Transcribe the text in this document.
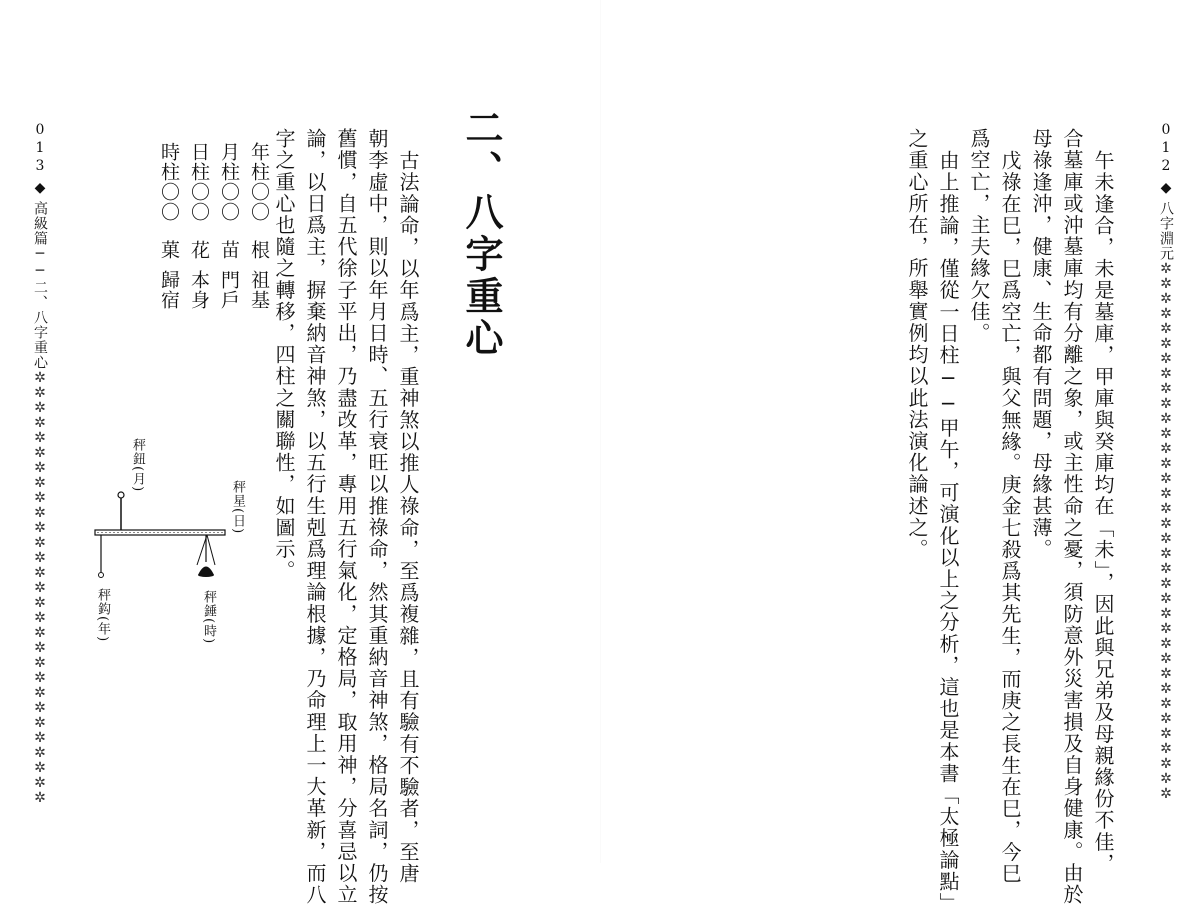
012◆八字淵元✲✲✲✲✲✲✲✲✲✲✲✲✲✲✲✲✲✲✲✲✲✲✲✲✲✲✲✲✲✲✲✲✲✲✲✲
午未逢合，未是墓庫，甲庫與癸庫均在「未」，因此與兄弟及母親緣份不佳，
合墓庫或沖墓庫均有分離之象，或主性命之憂，須防意外災害損及自身健康。由於
母祿逢沖，健康、生命都有問題，母緣甚薄。
戊祿在巳，巳爲空亡，與父無緣。庚金七殺爲其先生，而庚之長生在巳，今巳
爲空亡，主夫緣欠佳。
由上推論，僅從一日柱──甲午，可演化以上之分析，這也是本書「太極論點」
之重心所在，所舉實例均以此法演化論述之。
013◆高級篇──二、八字重心✲✲✲✲✲✲✲✲✲✲✲✲✲✲✲✲✲✲✲✲✲✲✲✲✲✲✲✲✲
二、八字重心
古法論命，以年爲主，重神煞以推人祿命，至爲複雜，且有驗有不驗者，至唐
朝李虛中，則以年月日時、五行衰旺以推祿命，然其重納音神煞，格局名詞，仍按
舊慣，自五代徐子平出，乃盡改革，專用五行氣化，定格局，取用神，分喜忌以立
論，以日爲主，摒棄納音神煞，以五行生剋爲理論根據，乃命理上一大革新，而八
字之重心也隨之轉移，四柱之關聯性，如圖示。
年柱〇〇
根
祖基
月柱〇〇
苗
門戶
日柱〇〇
花
本身
時柱〇〇
菓
歸宿
秤鈕(月)
秤星(日)
秤錘(時)
秤鈎(年)
